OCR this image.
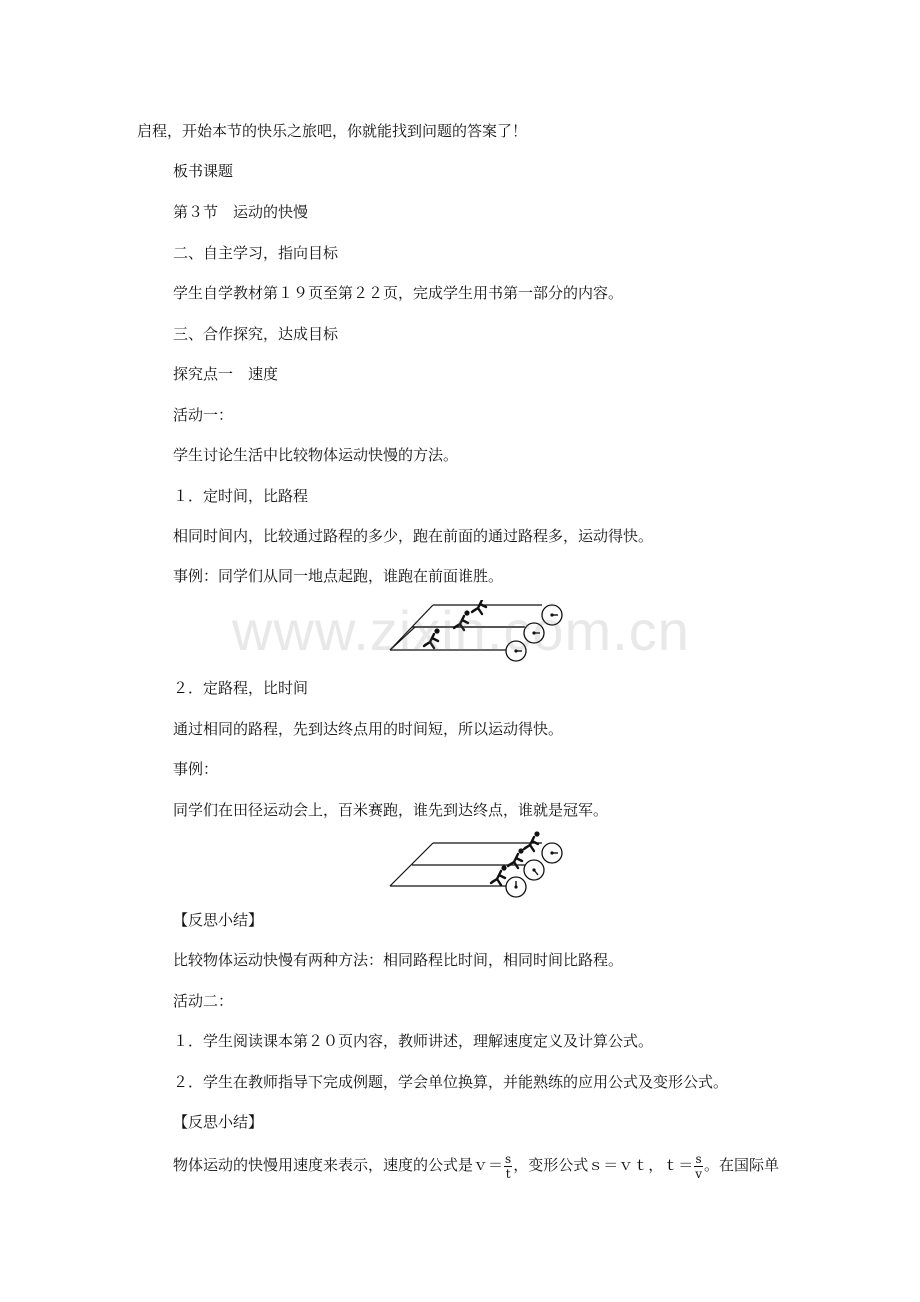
启程，开始本节的快乐之旅吧，你就能找到问题的答案了！
板书课题
第３节　运动的快慢
二、自主学习，指向目标
学生自学教材第１９页至第２２页，完成学生用书第一部分的内容。
三、合作探究，达成目标
探究点一　速度
活动一：
学生讨论生活中比较物体运动快慢的方法。
１．定时间，比路程
相同时间内，比较通过路程的多少，跑在前面的通过路程多，运动得快。
事例：同学们从同一地点起跑，谁跑在前面谁胜。
２．定路程，比时间
通过相同的路程，先到达终点用的时间短，所以运动得快。
事例：
同学们在田径运动会上，百米赛跑，谁先到达终点，谁就是冠军。
【反思小结】
比较物体运动快慢有两种方法：相同路程比时间，相同时间比路程。
活动二：
１．学生阅读课本第２０页内容，教师讲述，理解速度定义及计算公式。
２．学生在教师指导下完成例题，学会单位换算，并能熟练的应用公式及变形公式。
【反思小结】
物体运动的快慢用速度来表示，速度的公式是ｖ＝ $\frac{s}{t}$ ，变形公式ｓ＝ｖｔ，ｔ＝ $\frac{s}{v}$ 。在国际单
www.zixin.com.cn
